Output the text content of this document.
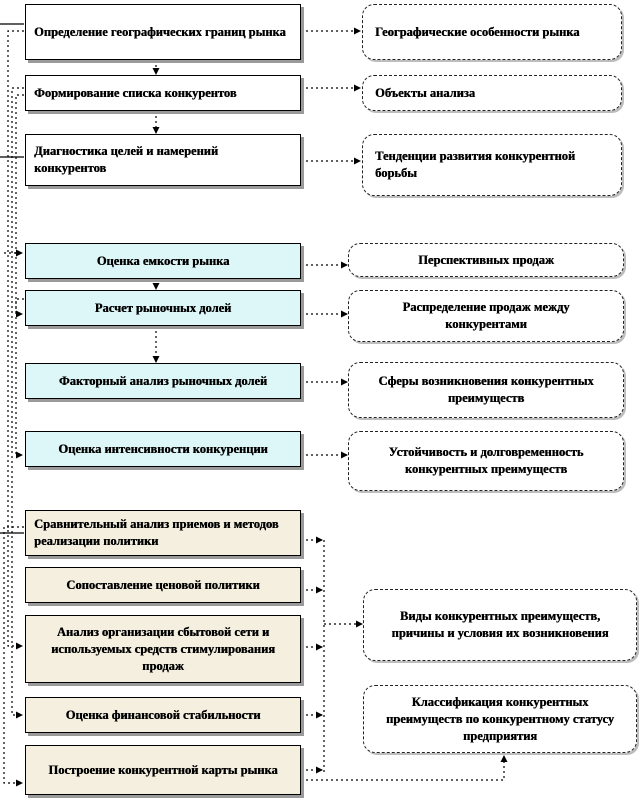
Определение географических границ рынка
Формирование списка конкурентов
Диагностика целей и намерений конкурентов
Оценка емкости рынка
Расчет рыночных долей
Факторный анализ рыночных долей
Оценка интенсивности конкуренции
Сравнительный анализ приемов и методов реализации политики
Сопоставление ценовой политики
Анализ организации сбытовой сети и используемых средств стимулирования продаж
Оценка финансовой стабильности
Построение конкурентной карты рынка
Географические особенности рынка
Объекты анализа
Тенденции развития конкурентной борьбы
Перспективных продаж
Распределение продаж между конкурентами
Сферы возникновения конкурентных преимуществ
Устойчивость и долговременность конкурентных преимуществ
Виды конкурентных преимуществ, причины и условия их возникновения
Классификация конкурентных преимуществ по конкурентному статусу предприятия
